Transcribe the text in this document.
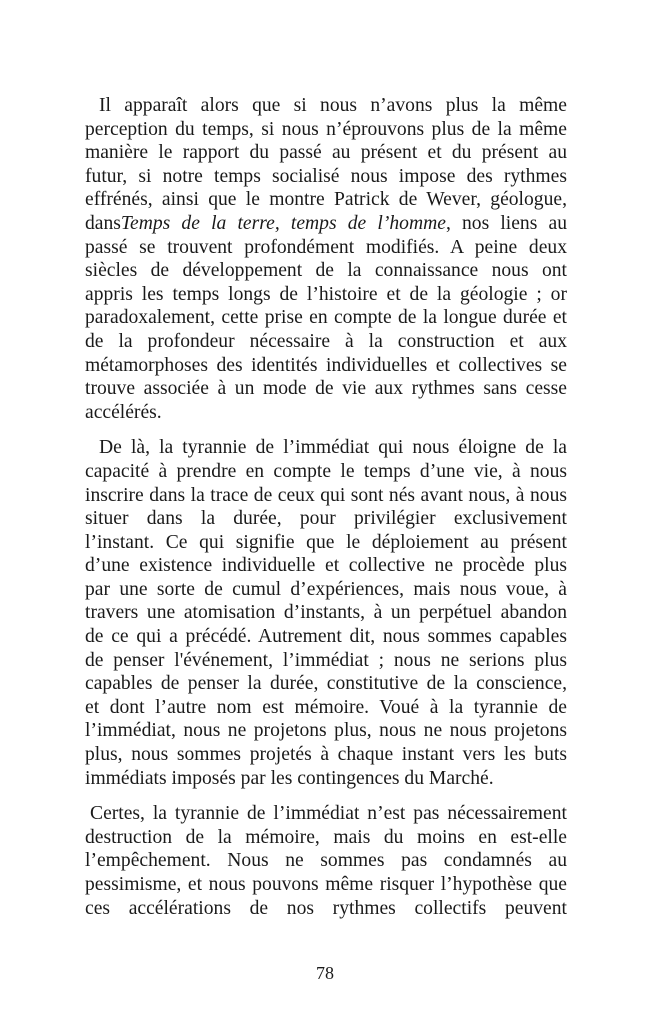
Il apparaît alors que si nous n’avons plus la même
perception du temps, si nous n’éprouvons plus de la même
manière le rapport du passé au présent et du présent au
futur, si notre temps socialisé nous impose des rythmes
effrénés, ainsi que le montre Patrick de Wever, géologue,
dansTemps de la terre, temps de l’homme, nos liens au
passé se trouvent profondément modifiés. A peine deux
siècles de développement de la connaissance nous ont
appris les temps longs de l’histoire et de la géologie ; or
paradoxalement, cette prise en compte de la longue durée et
de la profondeur nécessaire à la construction et aux
métamorphoses des identités individuelles et collectives se
trouve associée à un mode de vie aux rythmes sans cesse
accélérés.

De là, la tyrannie de l’immédiat qui nous éloigne de la
capacité à prendre en compte le temps d’une vie, à nous
inscrire dans la trace de ceux qui sont nés avant nous, à nous
situer dans la durée, pour privilégier exclusivement
l’instant. Ce qui signifie que le déploiement au présent
d’une existence individuelle et collective ne procède plus
par une sorte de cumul d’expériences, mais nous voue, à
travers une atomisation d’instants, à un perpétuel abandon
de ce qui a précédé. Autrement dit, nous sommes capables
de penser l'événement, l’immédiat ; nous ne serions plus
capables de penser la durée, constitutive de la conscience,
et dont l’autre nom est mémoire. Voué à la tyrannie de
l’immédiat, nous ne projetons plus, nous ne nous projetons
plus, nous sommes projetés à chaque instant vers les buts
immédiats imposés par les contingences du Marché.

Certes, la tyrannie de l’immédiat n’est pas nécessairement
destruction de la mémoire, mais du moins en est-elle
l’empêchement. Nous ne sommes pas condamnés au
pessimisme, et nous pouvons même risquer l’hypothèse que
ces accélérations de nos rythmes collectifs peuvent

78
